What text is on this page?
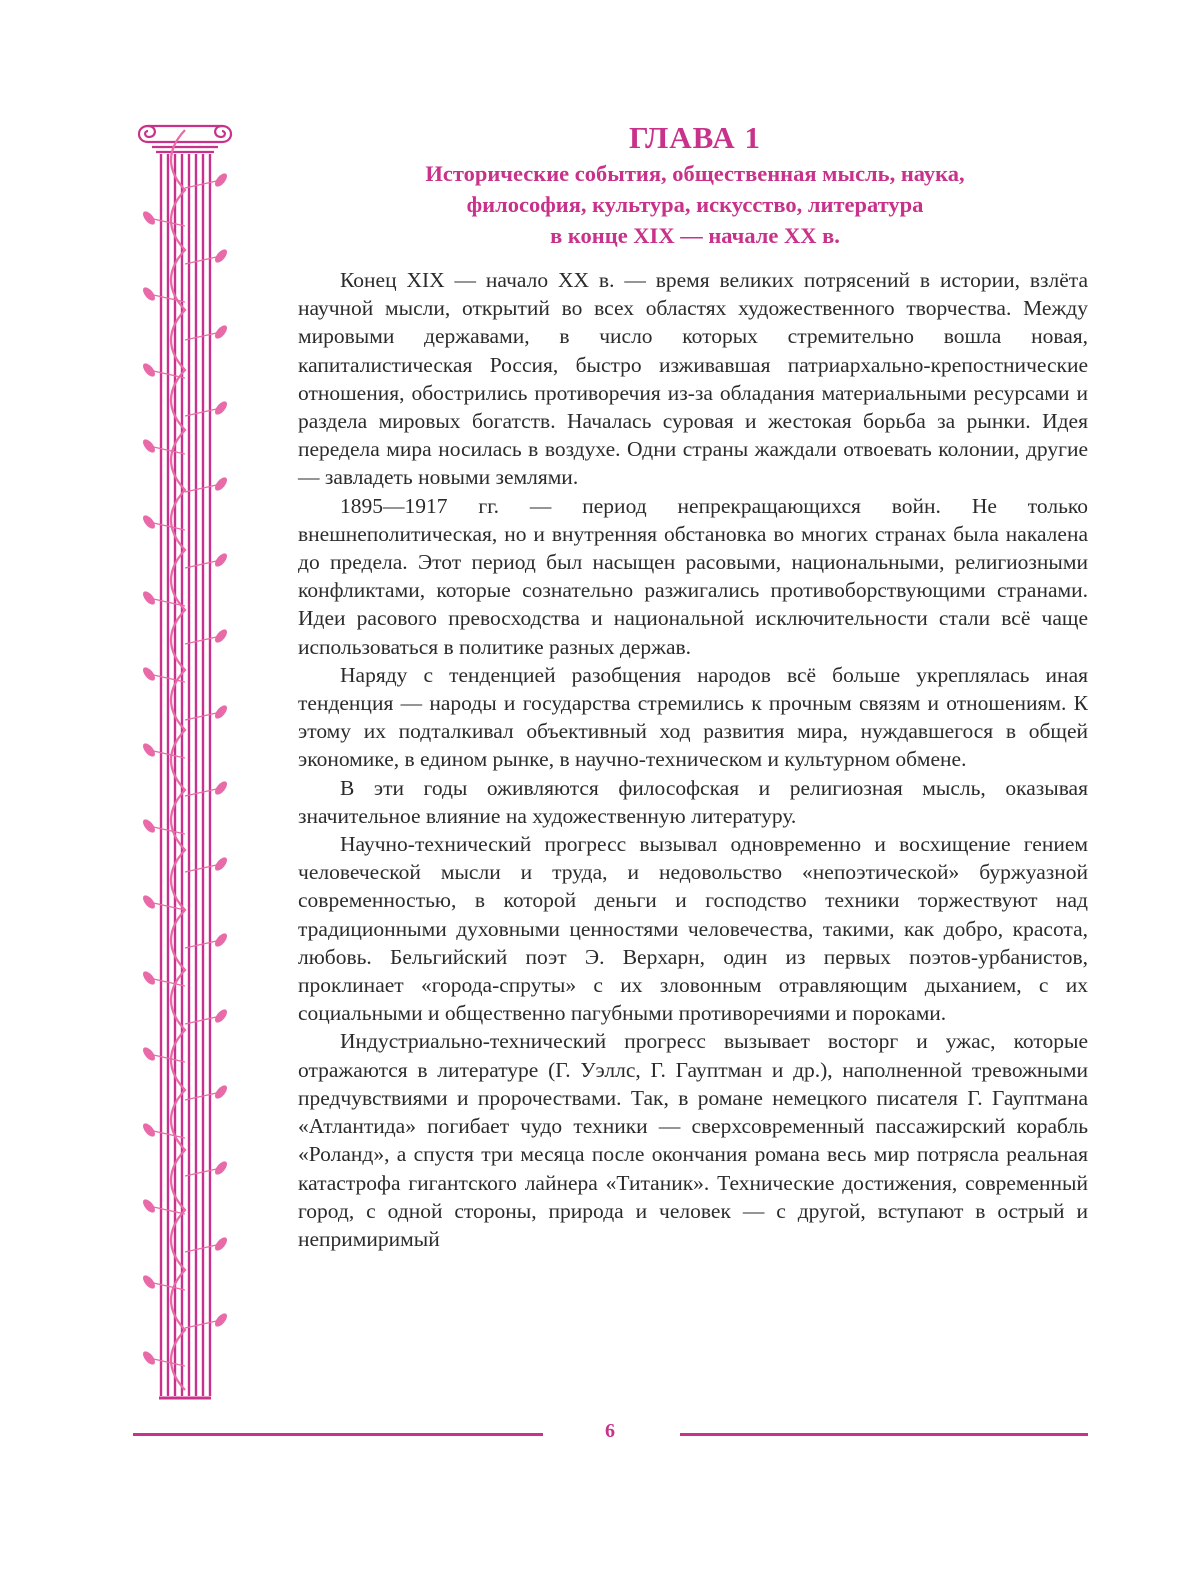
ГЛАВА 1

Исторические события, общественная мысль, наука,

философия, культура, искусство, литература

в конце XIX — начале XX в.

Конец XIX — начало XX в. — время великих потрясений в истории, взлёта научной мысли, открытий во всех областях художественного творчества. Между мировыми державами, в число которых стремительно вошла новая, капиталистическая Россия, быстро изживавшая патриархально-крепостнические отношения, обострились противоречия из-за обладания материальными ресурсами и раздела мировых богатств. Началась суровая и жестокая борьба за рынки. Идея передела мира носилась в воздухе. Одни страны жаждали отвоевать колонии, другие — завладеть новыми землями.

1895—1917 гг. — период непрекращающихся войн. Не только внешнеполитическая, но и внутренняя обстановка во многих странах была накалена до предела. Этот период был насыщен расовыми, национальными, религиозными конфликтами, которые сознательно разжигались противоборствующими странами. Идеи расового превосходства и национальной исключительности стали всё чаще использоваться в политике разных держав.

Наряду с тенденцией разобщения народов всё больше укреплялась иная тенденция — народы и государства стремились к прочным связям и отношениям. К этому их подталкивал объективный ход развития мира, нуждавшегося в общей экономике, в едином рынке, в научно-техническом и культурном обмене.

В эти годы оживляются философская и религиозная мысль, оказывая значительное влияние на художественную литературу.

Научно-технический прогресс вызывал одновременно и восхищение гением человеческой мысли и труда, и недовольство «непоэтической» буржуазной современностью, в которой деньги и господство техники торжествуют над традиционными духовными ценностями человечества, такими, как добро, красота, любовь. Бельгийский поэт Э. Верхарн, один из первых поэтов-урбанистов, проклинает «города-спруты» с их зловонным отравляющим дыханием, с их социальными и общественно пагубными противоречиями и пороками.

Индустриально-технический прогресс вызывает восторг и ужас, которые отражаются в литературе (Г. Уэллс, Г. Гауптман и др.), наполненной тревожными предчувствиями и пророчествами. Так, в романе немецкого писателя Г. Гауптмана «Атлантида» погибает чудо техники — сверхсовременный пассажирский корабль «Роланд», а спустя три месяца после окончания романа весь мир потрясла реальная катастрофа гигантского лайнера «Титаник». Технические достижения, современный город, с одной стороны, природа и человек — с другой, вступают в острый и непримиримый

6
